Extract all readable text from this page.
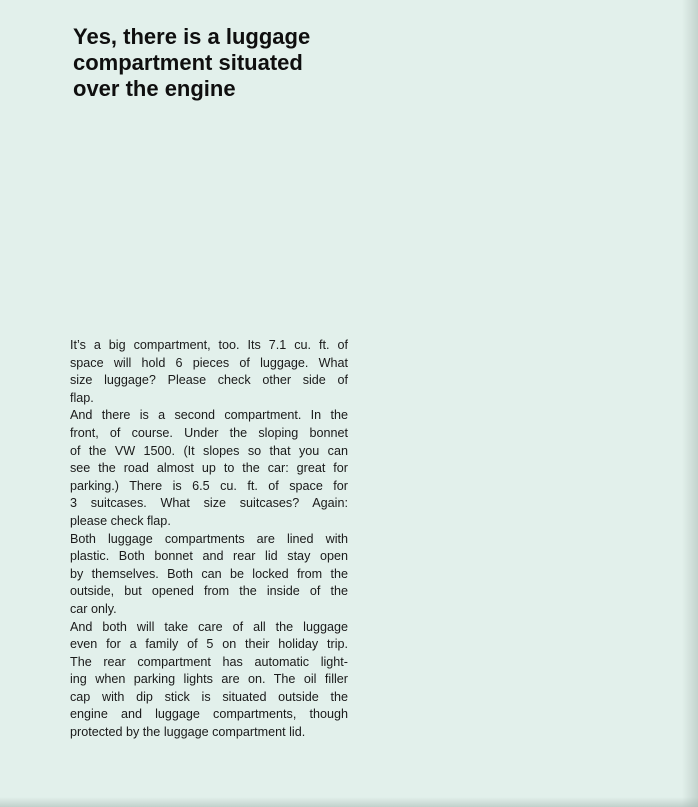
Yes, there is a luggage
compartment situated
over the engine
It’s a big compartment, too. Its 7.1 cu. ft. of
space will hold 6 pieces of luggage. What
size luggage? Please check other side of
flap.
And there is a second compartment. In the
front, of course. Under the sloping bonnet
of the VW 1500. (It slopes so that you can
see the road almost up to the car: great for
parking.) There is 6.5 cu. ft. of space for
3 suitcases. What size suitcases? Again:
please check flap.
Both luggage compartments are lined with
plastic. Both bonnet and rear lid stay open
by themselves. Both can be locked from the
outside, but opened from the inside of the
car only.
And both will take care of all the luggage
even for a family of 5 on their holiday trip.
The rear compartment has automatic light-
ing when parking lights are on. The oil filler
cap with dip stick is situated outside the
engine and luggage compartments, though
protected by the luggage compartment lid.
